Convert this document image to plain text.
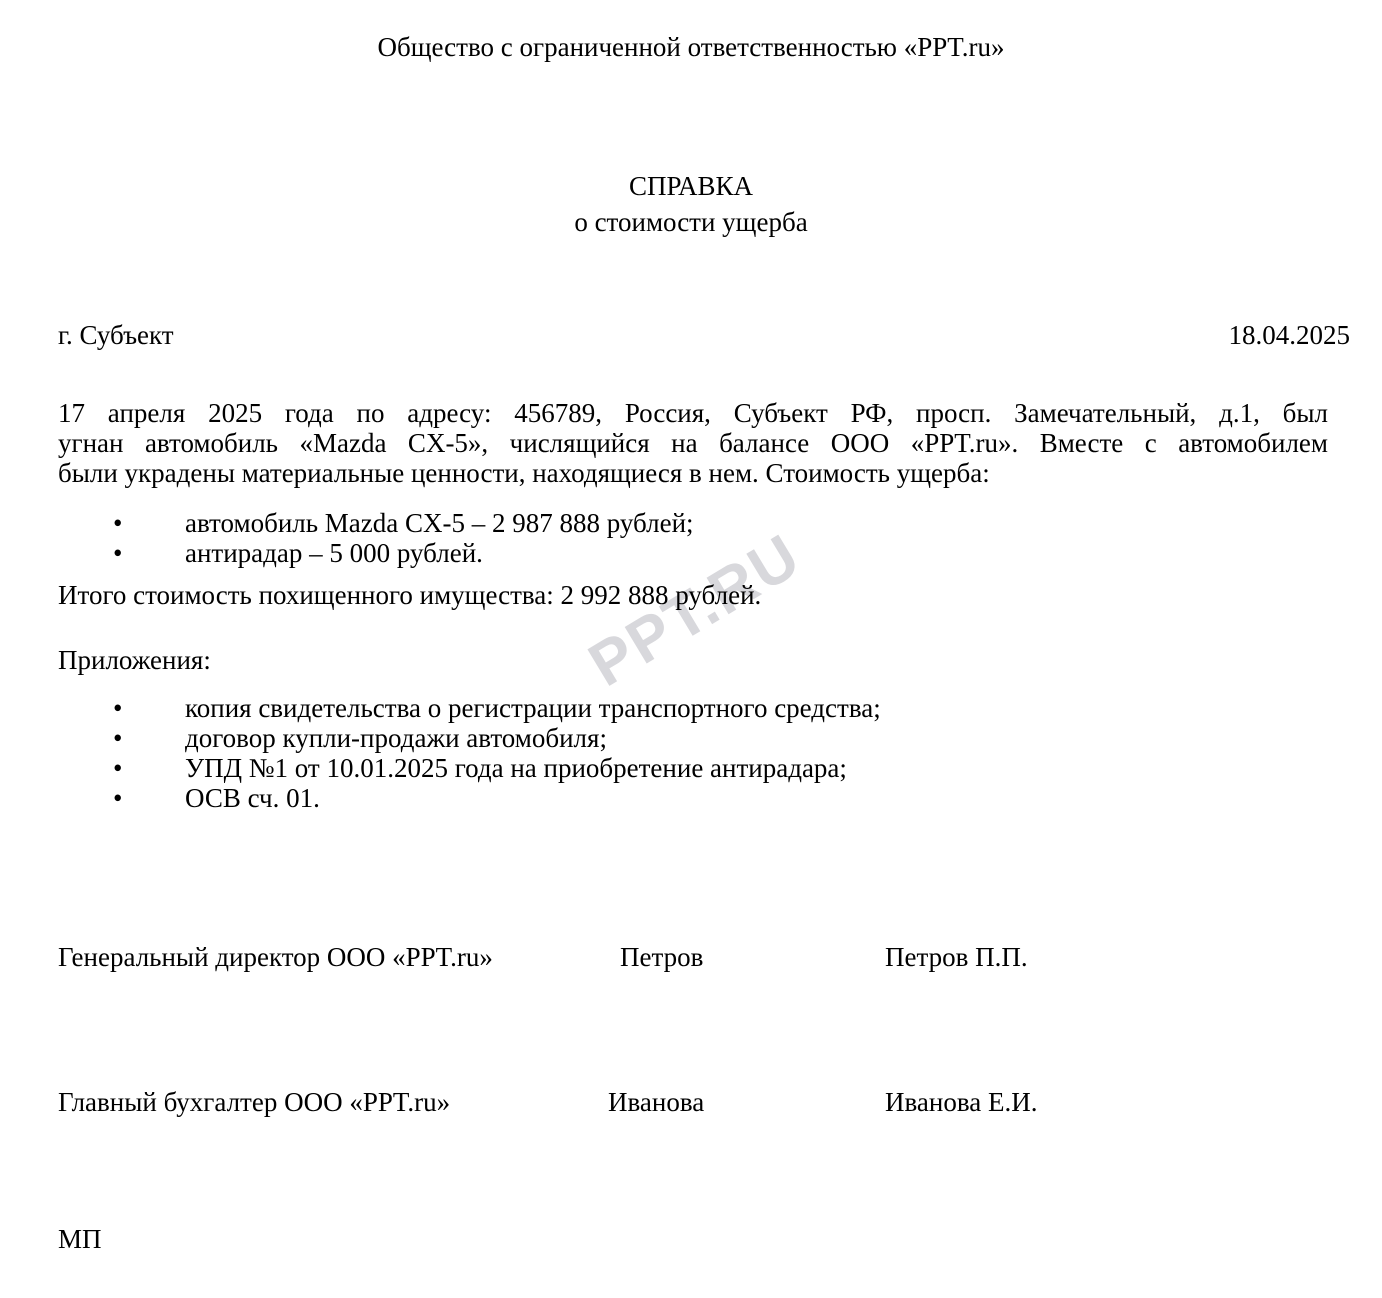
PPT.RU
Общество с ограниченной ответственностью «PPT.ru»
СПРАВКА
о стоимости ущерба
г. Субъект	18.04.2025
17 апреля 2025 года по адресу: 456789, Россия, Субъект РФ, просп. Замечательный, д.1, был
угнан автомобиль «Mazda CX-5», числящийся на балансе ООО «PPT.ru». Вместе с автомобилем
были украдены материальные ценности, находящиеся в нем. Стоимость ущерба:
• автомобиль Mazda CX-5 – 2 987 888 рублей;
• антирадар – 5 000 рублей.
Итого стоимость похищенного имущества: 2 992 888 рублей.
Приложения:
• копия свидетельства о регистрации транспортного средства;
• договор купли-продажи автомобиля;
• УПД №1 от 10.01.2025 года на приобретение антирадара;
• ОСВ сч. 01.
Генеральный директор ООО «PPT.ru»	Петров	Петров П.П.
Главный бухгалтер ООО «PPT.ru»	Иванова	Иванова Е.И.
МП
